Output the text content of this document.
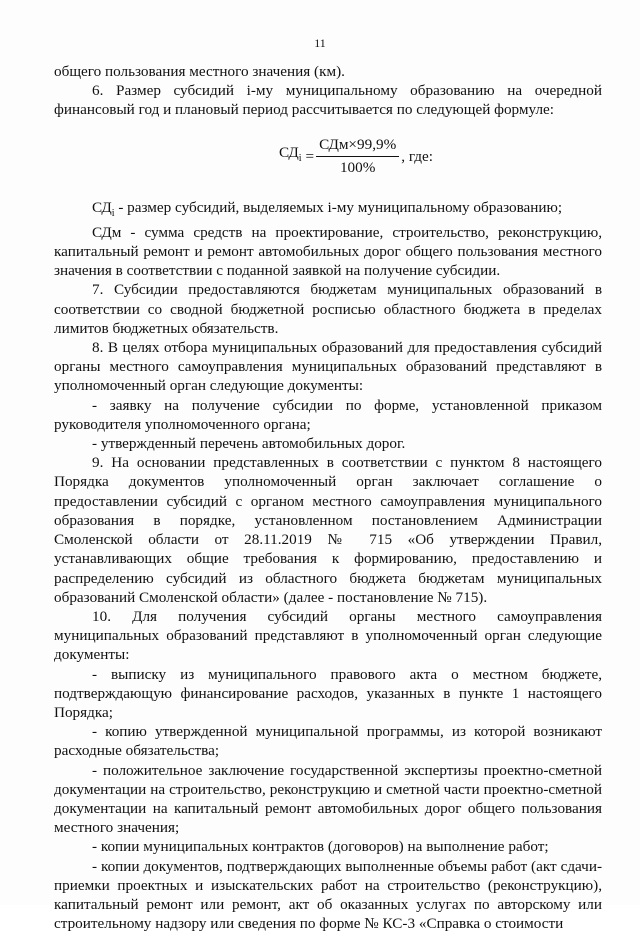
11

общего пользования местного значения (км).

6. Размер субсидий i-му муниципальному образованию на очередной финансовый год и плановый период рассчитывается по следующей формуле:

$СД_i = \frac{\text{СДм×99,9\%}}{100\%}$ , где:

$СД_i$ - размер субсидий, выделяемых i-му муниципальному образованию;

СДм - сумма средств на проектирование, строительство, реконструкцию, капитальный ремонт и ремонт автомобильных дорог общего пользования местного значения в соответствии с поданной заявкой на получение субсидии.

7. Субсидии предоставляются бюджетам муниципальных образований в соответствии со сводной бюджетной росписью областного бюджета в пределах лимитов бюджетных обязательств.

8. В целях отбора муниципальных образований для предоставления субсидий органы местного самоуправления муниципальных образований представляют в уполномоченный орган следующие документы:

- заявку на получение субсидии по форме, установленной приказом руководителя уполномоченного органа;

- утвержденный перечень автомобильных дорог.

9. На основании представленных в соответствии с пунктом 8 настоящего Порядка документов уполномоченный орган заключает соглашение о предоставлении субсидий с органом местного самоуправления муниципального образования в порядке, установленном постановлением Администрации Смоленской области от 28.11.2019 № 715 «Об утверждении Правил, устанавливающих общие требования к формированию, предоставлению и распределению субсидий из областного бюджета бюджетам муниципальных образований Смоленской области» (далее - постановление № 715).

10. Для получения субсидий органы местного самоуправления муниципальных образований представляют в уполномоченный орган следующие документы:

- выписку из муниципального правового акта о местном бюджете, подтверждающую финансирование расходов, указанных в пункте 1 настоящего Порядка;

- копию утвержденной муниципальной программы, из которой возникают расходные обязательства;

- положительное заключение государственной экспертизы проектно-сметной документации на строительство, реконструкцию и сметной части проектно-сметной документации на капитальный ремонт автомобильных дорог общего пользования местного значения;

- копии муниципальных контрактов (договоров) на выполнение работ;

- копии документов, подтверждающих выполненные объемы работ (акт сдачи-приемки проектных и изыскательских работ на строительство (реконструкцию), капитальный ремонт или ремонт, акт об оказанных услугах по авторскому или строительному надзору или сведения по форме № КС-3 «Справка о стоимости
